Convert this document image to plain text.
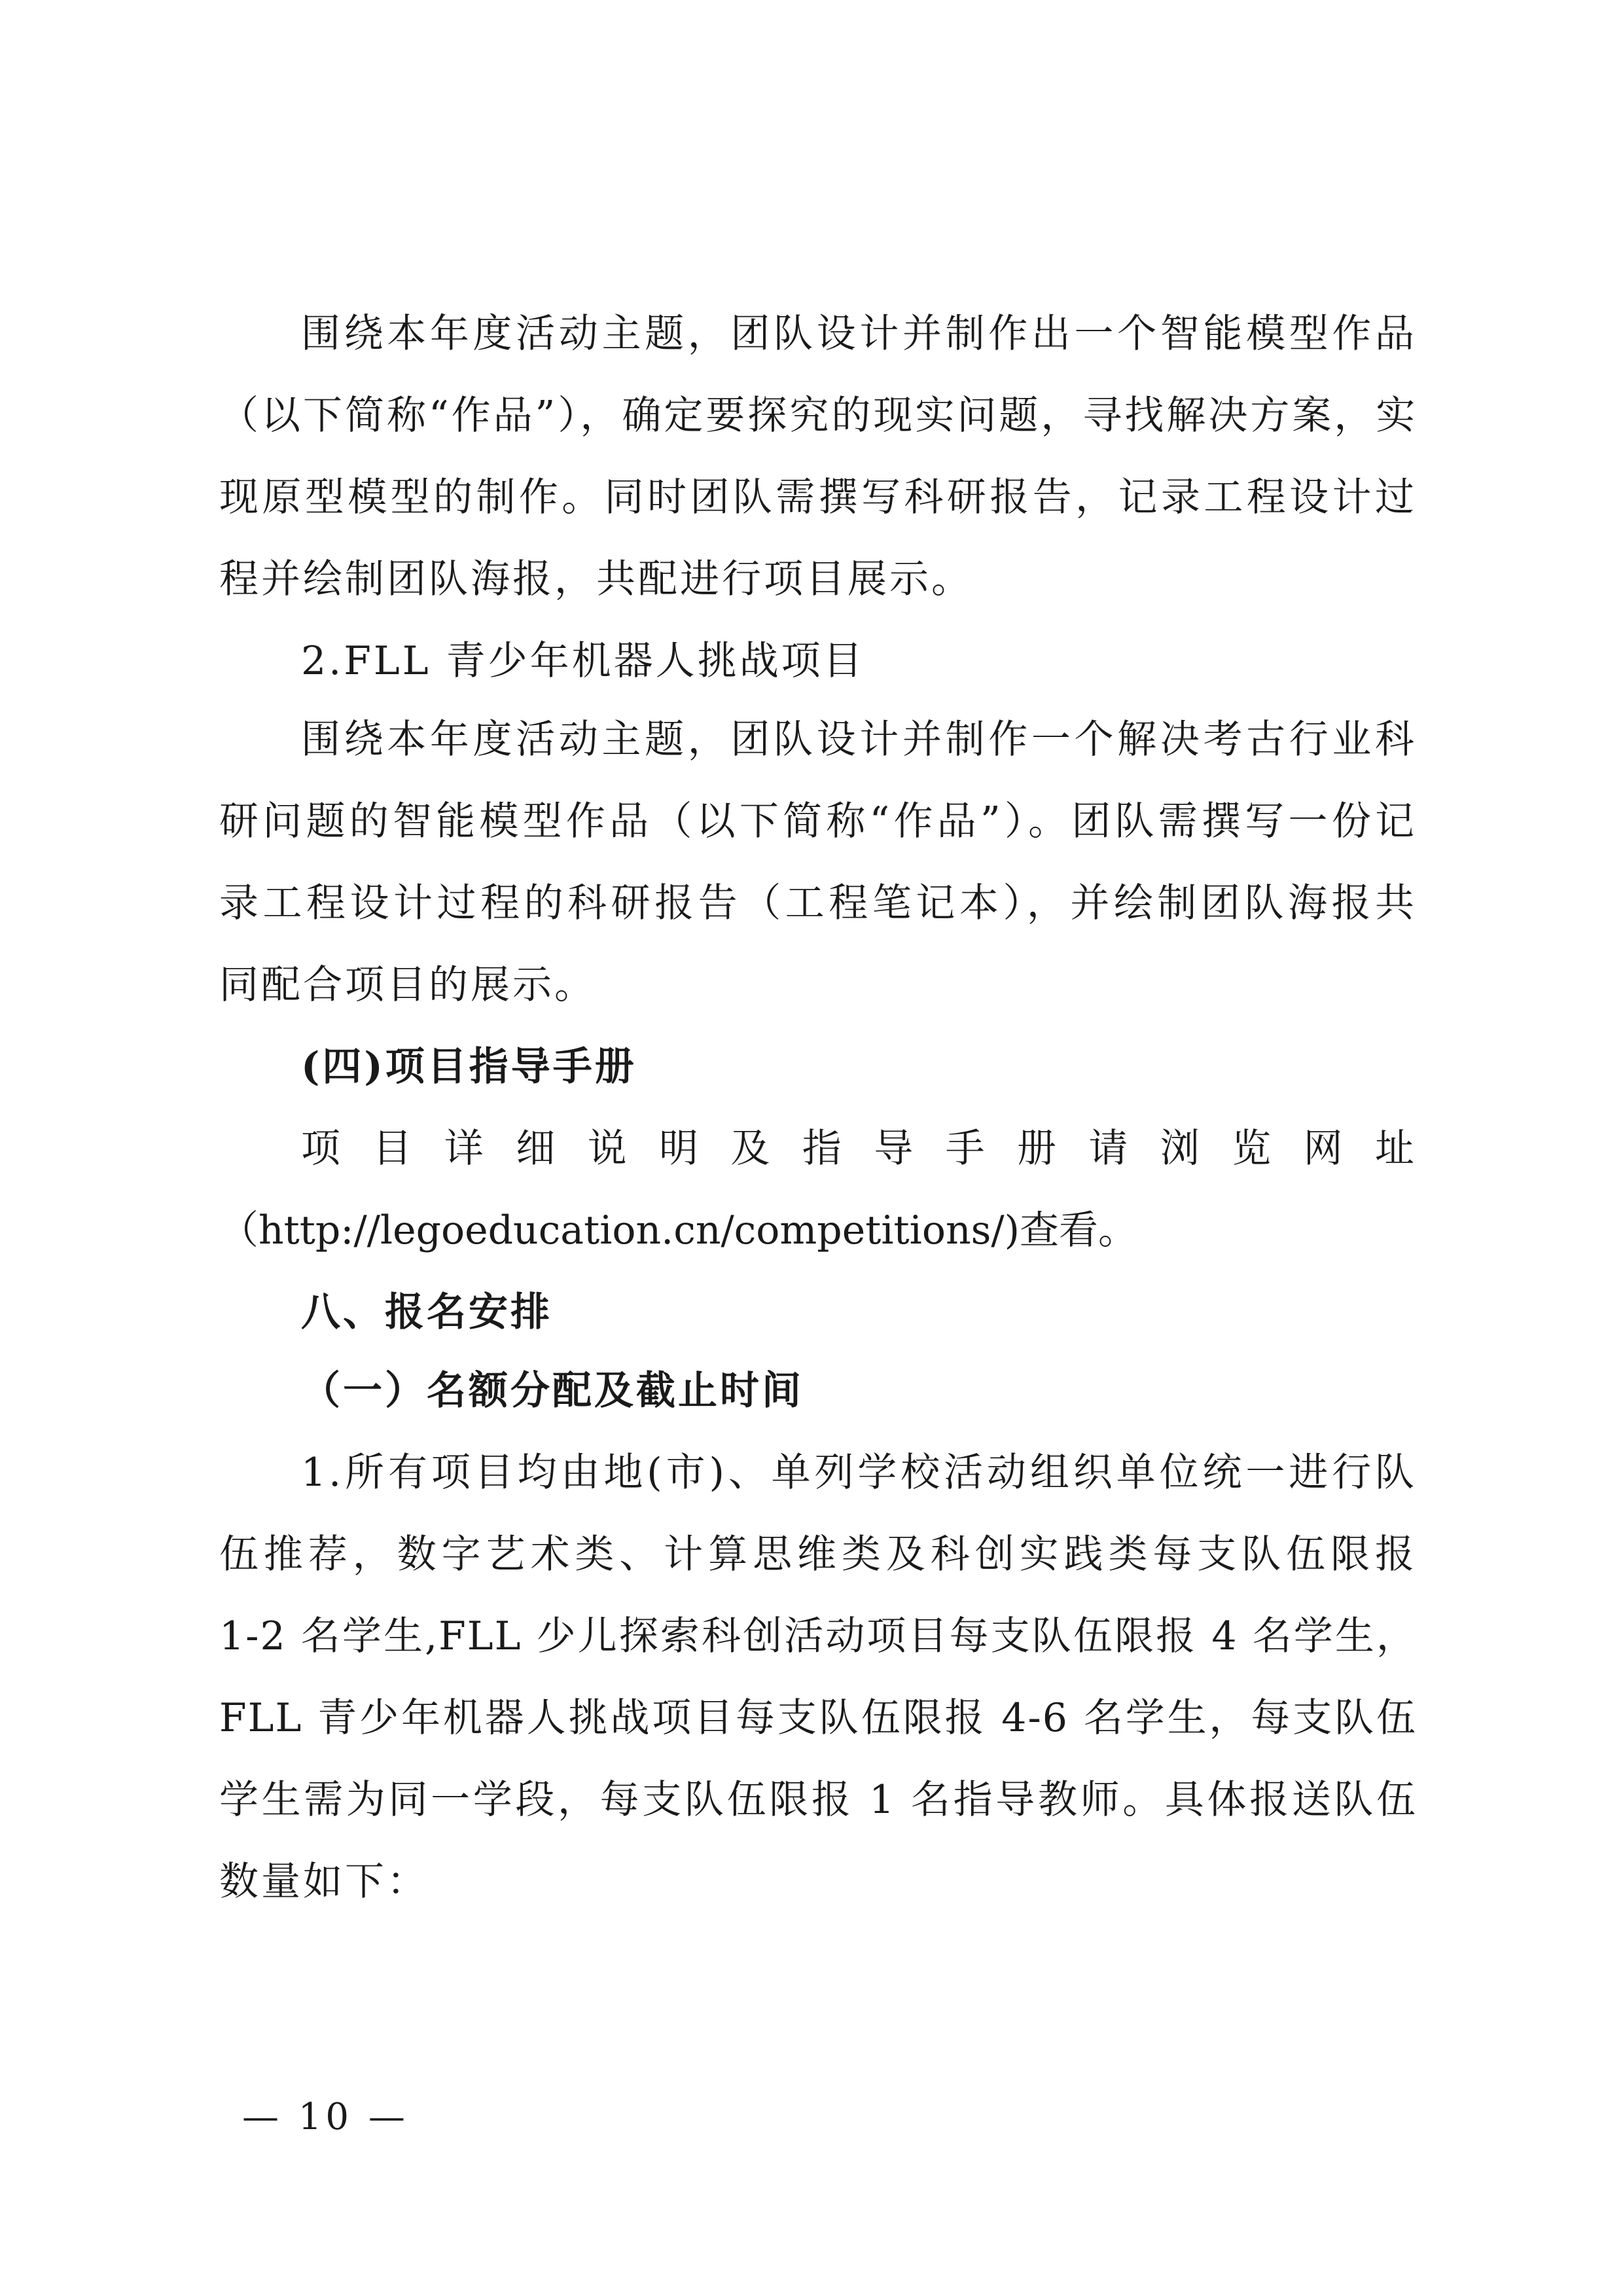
围绕本年度活动主题，团队设计并制作出一个智能模型作品
（以下简称“作品”），确定要探究的现实问题，寻找解决方案，实
现原型模型的制作。同时团队需撰写科研报告，记录工程设计过
程并绘制团队海报，共配进行项目展示。
2.FLL 青少年机器人挑战项目
围绕本年度活动主题，团队设计并制作一个解决考古行业科
研问题的智能模型作品（以下简称“作品”）。团队需撰写一份记
录工程设计过程的科研报告（工程笔记本），并绘制团队海报共
同配合项目的展示。
(四)项目指导手册
项 目 详 细 说 明 及 指 导 手 册 请 浏 览 网 址
（http://legoeducation.cn/competitions/)查看。
八、报名安排
（一）名额分配及截止时间
1.所有项目均由地(市)、单列学校活动组织单位统一进行队
伍推荐，数字艺术类、计算思维类及科创实践类每支队伍限报
1-2 名学生,FLL 少儿探索科创活动项目每支队伍限报 4 名学生，
FLL 青少年机器人挑战项目每支队伍限报 4-6 名学生，每支队伍
学生需为同一学段，每支队伍限报 1 名指导教师。具体报送队伍
数量如下：
— 10 —
